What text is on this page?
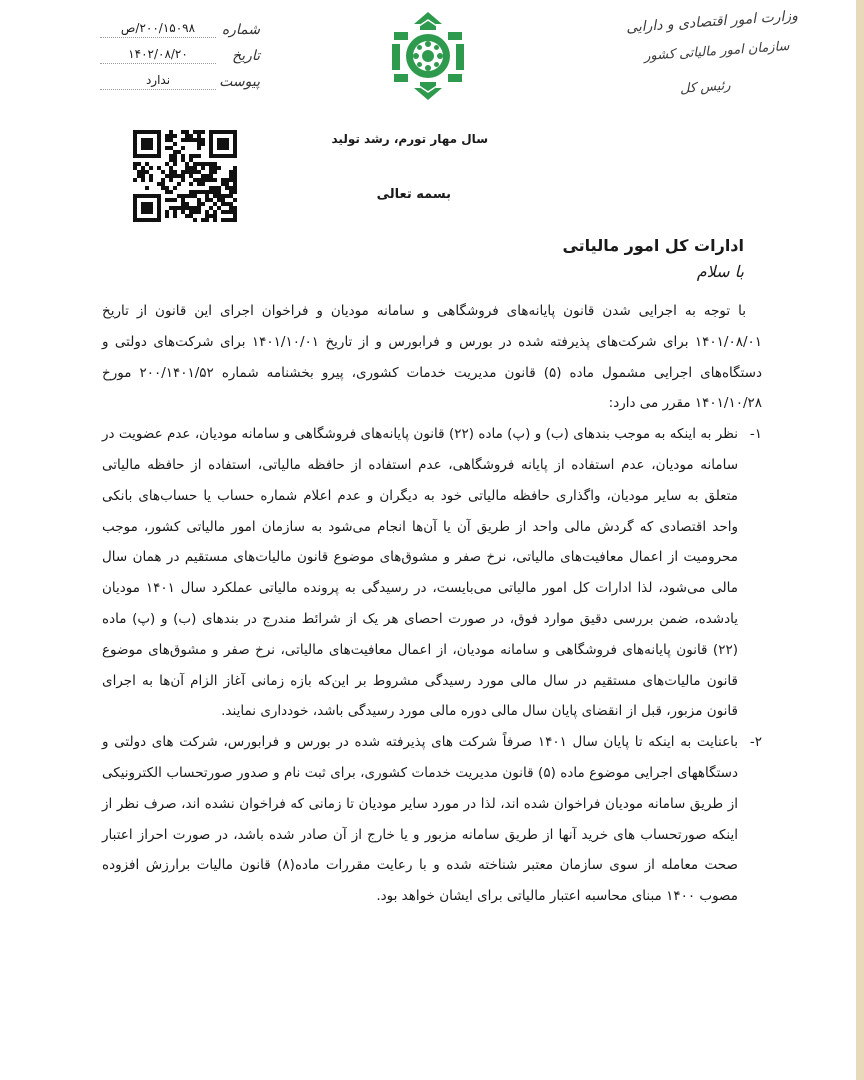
وزارت امور اقتصادی و دارایی
سازمان امور مالیاتی کشور
رئیس کل
شماره
۲۰۰/۱۵۰۹۸/ص
تاریخ
۱۴۰۲/۰۸/۲۰
پیوست
ندارد
سال مهار تورم، رشد تولید
بسمه تعالی
ادارات کل امور مالیاتی
با سلام

با توجه به اجرایی شدن قانون پایانه‌های فروشگاهی و سامانه مودیان و فراخوان اجرای این قانون از تاریخ ۱۴۰۱/۰۸/۰۱ برای شرکت‌های پذیرفته شده در بورس و فرابورس و از تاریخ ۱۴۰۱/۱۰/۰۱ برای شرکت‌های دولتی و دستگاه‌های اجرایی مشمول ماده (۵) قانون مدیریت خدمات کشوری، پیرو بخشنامه شماره ۲۰۰/۱۴۰۱/۵۲ مورخ ۱۴۰۱/۱۰/۲۸ مقرر می دارد:

۱-
نظر به اینکه به موجب بندهای (ب) و (پ) ماده (۲۲) قانون پایانه‌های فروشگاهی و سامانه مودیان، عدم عضویت در سامانه مودیان، عدم استفاده از پایانه فروشگاهی، عدم استفاده از حافظه مالیاتی، استفاده از حافظه مالیاتی متعلق به سایر مودیان، واگذاری حافظه مالیاتی خود به دیگران و عدم اعلام شماره حساب یا حساب‌های بانکی واحد اقتصادی که گردش مالی واحد از طریق آن یا آن‌ها انجام می‌شود به سازمان امور مالیاتی کشور، موجب محرومیت از اعمال معافیت‌های مالیاتی، نرخ صفر و مشوق‌های موضوع قانون مالیات‌های مستقیم در همان سال مالی می‌شود، لذا ادارات کل امور مالیاتی می‌بایست، در رسیدگی به پرونده مالیاتی عملکرد سال ۱۴۰۱ مودیان یادشده، ضمن بررسی دقیق موارد فوق، در صورت احصای هر یک از شرائط مندرج در بندهای (ب) و (پ) ماده (۲۲) قانون پایانه‌های فروشگاهی و سامانه مودیان، از اعمال معافیت‌های مالیاتی، نرخ صفر و مشوق‌های موضوع قانون مالیات‌های مستقیم در سال مالی مورد رسیدگی مشروط بر این‌که بازه زمانی آغاز الزام آن‌ها به اجرای قانون مزبور، قبل از انقضای پایان سال مالی دوره مالی مورد رسیدگی باشد، خودداری نمایند.
۲-
باعنایت به اینکه تا پایان سال ۱۴۰۱ صرفاً شرکت های پذیرفته شده در بورس و فرابورس، شرکت های دولتی و دستگاههای اجرایی موضوع ماده (۵) قانون مدیریت خدمات کشوری، برای ثبت نام و صدور صورتحساب الکترونیکی از طریق سامانه مودیان فراخوان شده اند، لذا در مورد سایر مودیان تا زمانی که فراخوان نشده اند، صرف نظر از اینکه صورتحساب های خرید آنها از طریق سامانه مزبور و یا خارج از آن صادر شده باشد، در صورت احراز اعتبار صحت معامله از سوی سازمان معتبر شناخته شده و با رعایت مقررات ماده(۸) قانون مالیات برارزش افزوده مصوب ۱۴۰۰ مبنای محاسبه اعتبار مالیاتی برای ایشان خواهد بود.
